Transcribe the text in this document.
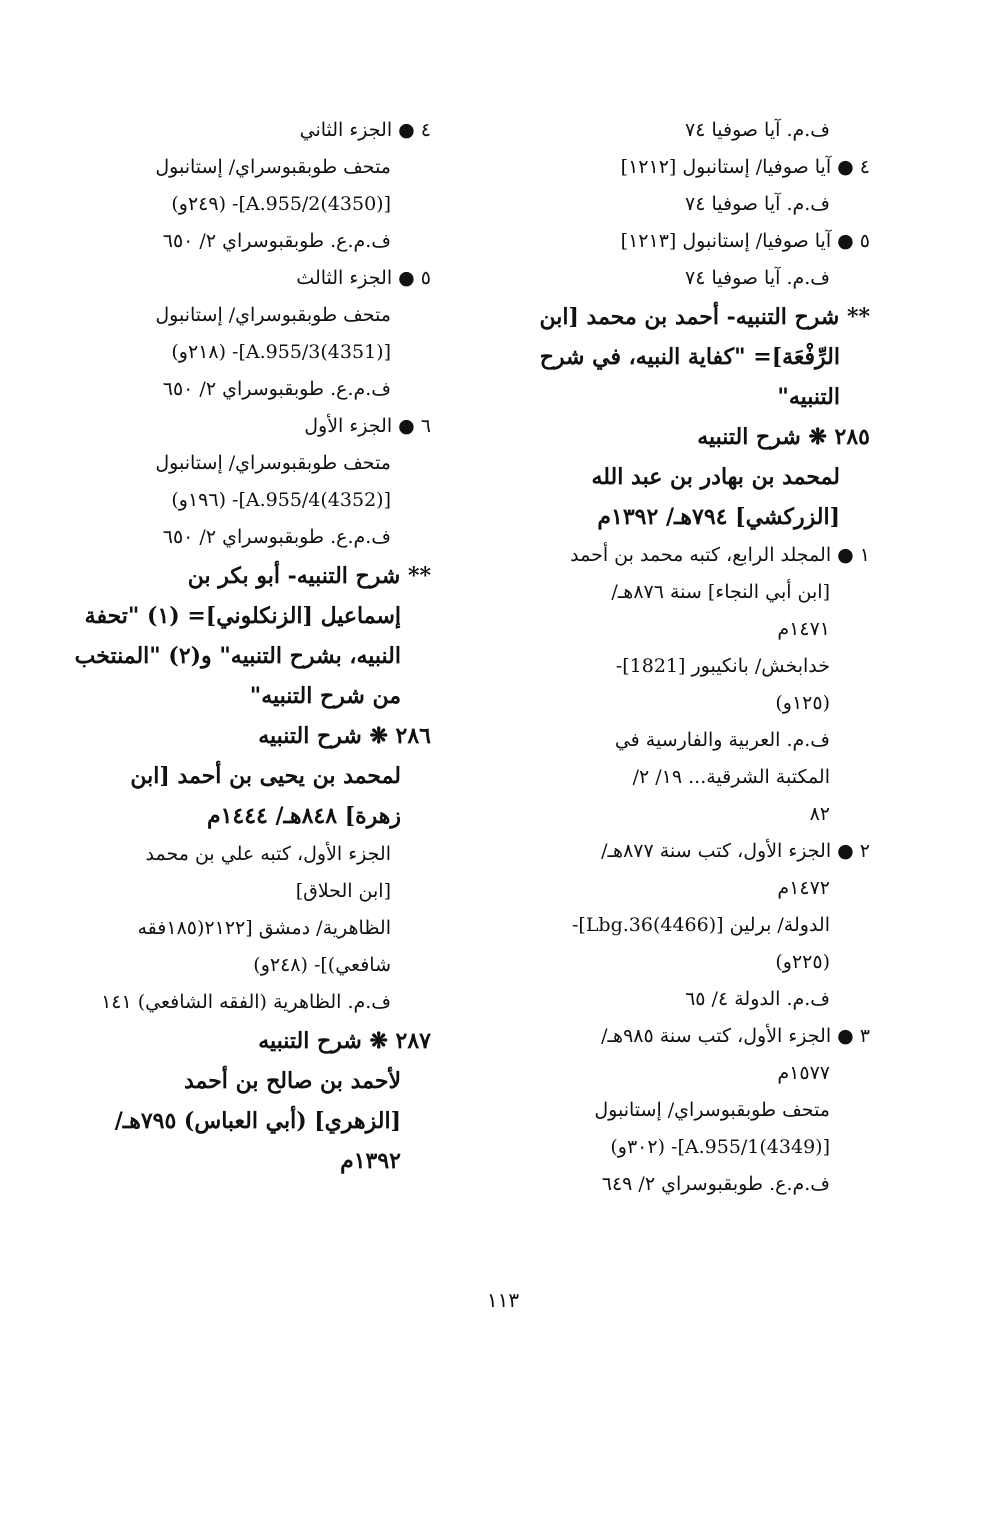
ف.م. آيا صوفيا ٧٤
٤ ● آيا صوفيا/ إستانبول [١٢١٢]
ف.م. آيا صوفيا ٧٤
٥ ● آيا صوفيا/ إستانبول [١٢١٣]
ف.م. آيا صوفيا ٧٤
** شرح التنبيه- أحمد بن محمد [ابن
الرِّفْعَة]= "كفاية النبيه، في شرح
التنبيه"
٢٨٥ ❋ شرح التنبيه
لمحمد بن بهادر بن عبد الله
[الزركشي] ٧٩٤هـ/ ١٣٩٢م
١ ● المجلد الرابع، كتبه محمد بن أحمد
[ابن أبي النجاء] سنة ٨٧٦هـ/
١٤٧١م
خدابخش/ بانكيبور [1821]-
(١٢٥و)
ف.م. العربية والفارسية في
المكتبة الشرقية... ١٩/ ٢/
٨٢
٢ ● الجزء الأول، كتب سنة ٨٧٧هـ/
١٤٧٢م
الدولة/ برلين [Lbg.36(4466)]-
(٢٢٥و)
ف.م. الدولة ٤/ ٦٥
٣ ● الجزء الأول، كتب سنة ٩٨٥هـ/
١٥٧٧م
متحف طوبقبوسراي/ إستانبول
[A.955/1(4349)]- (٣٠٢و)
ف.م.ع. طوبقبوسراي ٢/ ٦٤٩
٤ ● الجزء الثاني
متحف طوبقبوسراي/ إستانبول
[A.955/2(4350)]- (٢٤٩و)
ف.م.ع. طوبقبوسراي ٢/ ٦٥٠
٥ ● الجزء الثالث
متحف طوبقبوسراي/ إستانبول
[A.955/3(4351)]- (٢١٨و)
ف.م.ع. طوبقبوسراي ٢/ ٦٥٠
٦ ● الجزء الأول
متحف طوبقبوسراي/ إستانبول
[A.955/4(4352)]- (١٩٦و)
ف.م.ع. طوبقبوسراي ٢/ ٦٥٠
** شرح التنبيه- أبو بكر بن
إسماعيل [الزنكلوني]= (١) "تحفة
النبيه، بشرح التنبيه" و(٢) "المنتخب
من شرح التنبيه"
٢٨٦ ❋ شرح التنبيه
لمحمد بن يحيى بن أحمد [ابن
زهرة] ٨٤٨هـ/ ١٤٤٤م
الجزء الأول، كتبه علي بن محمد
[ابن الحلاق]
الظاهرية/ دمشق [٢١٢٢(١٨٥فقه
شافعي)]- (٢٤٨و)
ف.م. الظاهرية (الفقه الشافعي) ١٤١
٢٨٧ ❋ شرح التنبيه
لأحمد بن صالح بن أحمد
[الزهري] (أبي العباس) ٧٩٥هـ/
١٣٩٢م
١١٣
